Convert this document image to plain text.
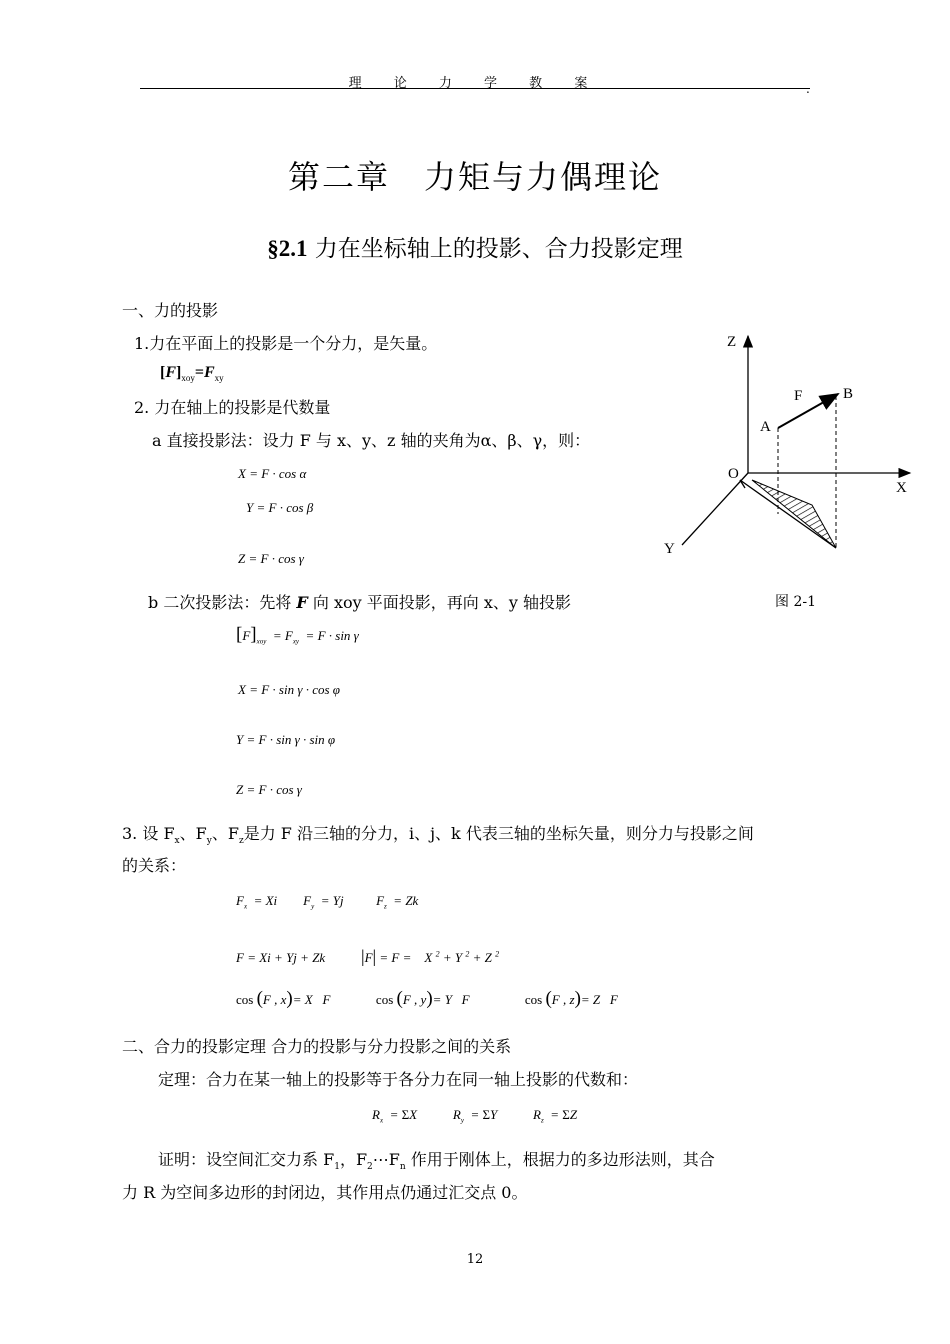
理 论 力 学 教 案	.
第二章　力矩与力偶理论
§2.1 力在坐标轴上的投影、合力投影定理
一、力的投影
1.力在平面上的投影是一个分力，是矢量。
$[F]_{xoy}=F_{xy}$
2. 力在轴上的投影是代数量
a 直接投影法：设力 F 与 x、y、z 轴的夹角为α、β、γ，则：
X = F · cos α
Y = F · cos β
Z = F · cos γ
b 二次投影法：先将 F 向 xoy 平面投影，再向 x、y 轴投影
$[F]_{xoy} = F_{xy} = F \cdot \sin \gamma$
X = F · sin γ · cos φ
Y = F · sin γ · sin φ
Z = F · cos γ
3. 设 $F_x$、$F_y$、$F_z$是力 F 沿三轴的分力，i、j、k 代表三轴的坐标矢量，则分力与投影之间
的关系：
$F_x = Xi$ $F_y = Yj$	$F_z = Zk$
F = Xi + Yj + Zk |F| = F =    X $^2$ + Y $^2$ + Z $^2$
cos (F , x)= X F	cos (F , y)= Y F	cos (F , z)= Z F
二、合力的投影定理 合力的投影与分力投影之间的关系
定理：合力在某一轴上的投影等于各分力在同一轴上投影的代数和：
$R_x = \Sigma X$	$R_y = \Sigma Y$	$R_z = \Sigma Z$
证明：设空间汇交力系 $F_1$，$F_2\cdots F_n$ 作用于刚体上，根据力的多边形法则，其合
力 R 为空间多边形的封闭边，其作用点仍通过汇交点 0。
Z
X
Y
O
A
B
F
图 2-1
12
